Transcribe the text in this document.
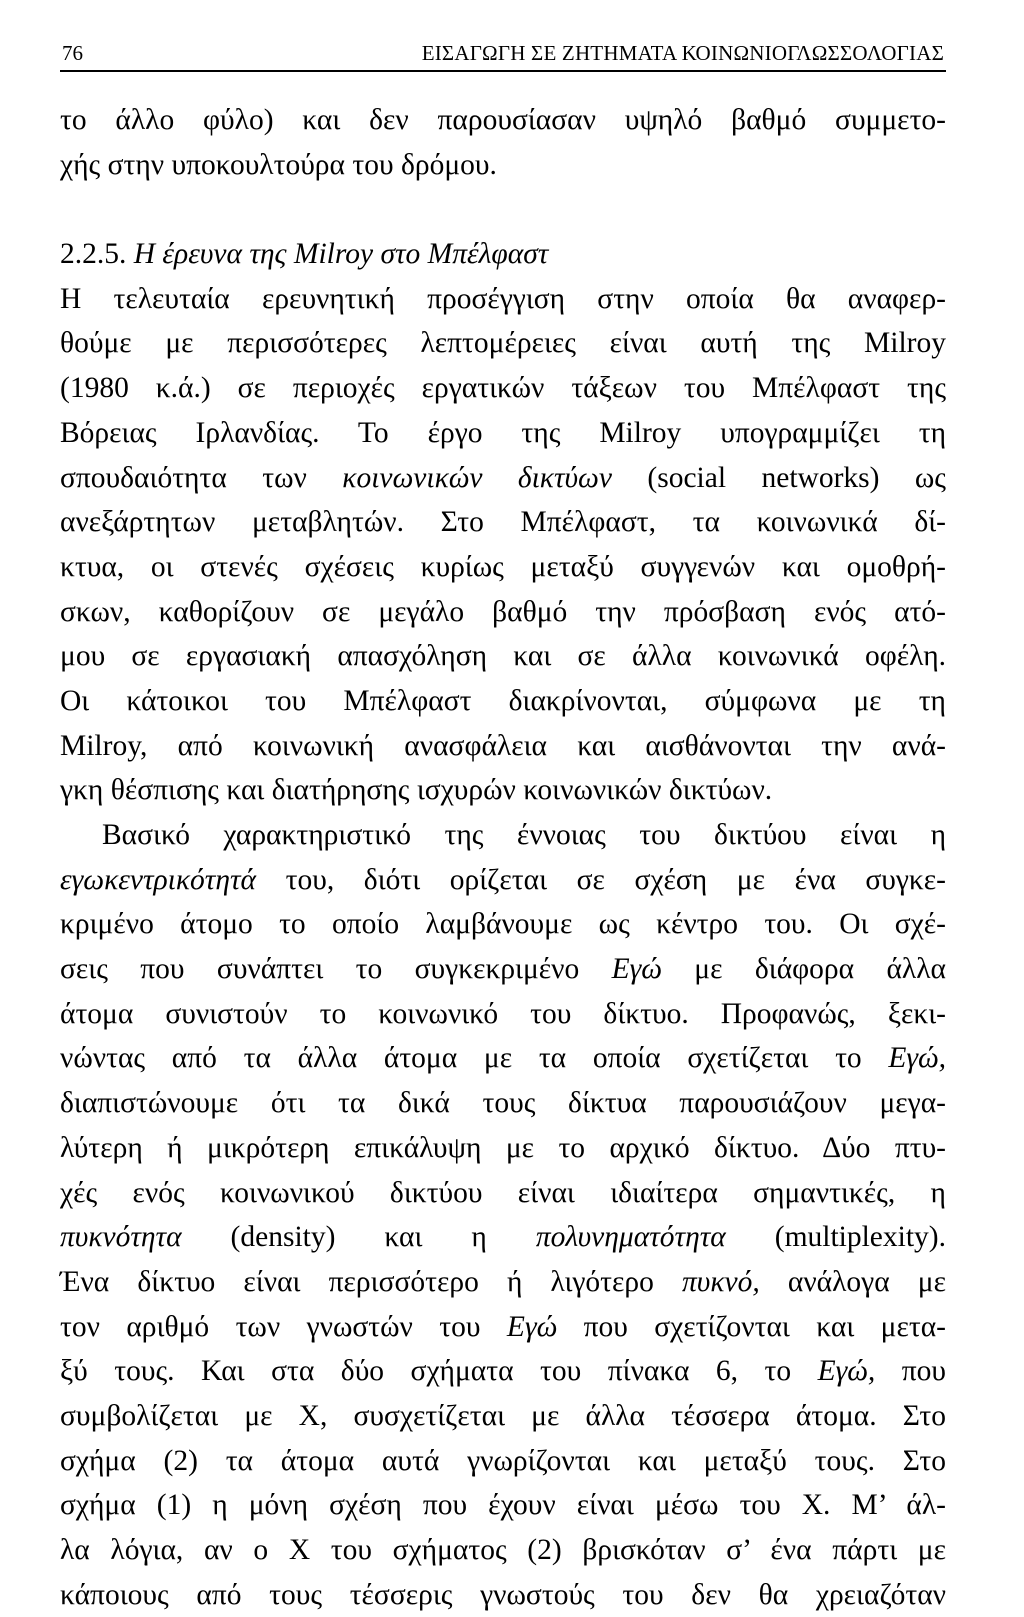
76	ΕΙΣΑΓΩΓΗ ΣΕ ΖΗΤΗΜΑΤΑ ΚΟΙΝΩΝΙΟΓΛΩΣΣΟΛΟΓΙΑΣ
το άλλο φύλο) και δεν παρουσίασαν υψηλό βαθμό συμμετο-
χής στην υποκουλτούρα του δρόμου.
2.2.5. Η έρευνα της Milroy στο Μπέλφαστ
Η τελευταία ερευνητική προσέγγιση στην οποία θα αναφερ-
θούμε με περισσότερες λεπτομέρειες είναι αυτή της Milroy
(1980 κ.ά.) σε περιοχές εργατικών τάξεων του Μπέλφαστ της
Βόρειας Ιρλανδίας. Το έργο της Milroy υπογραμμίζει τη
σπουδαιότητα των κοινωνικών δικτύων (social networks) ως
ανεξάρτητων μεταβλητών. Στο Μπέλφαστ, τα κοινωνικά δί-
κτυα, οι στενές σχέσεις κυρίως μεταξύ συγγενών και ομοθρή-
σκων, καθορίζουν σε μεγάλο βαθμό την πρόσβαση ενός ατό-
μου σε εργασιακή απασχόληση και σε άλλα κοινωνικά οφέλη.
Οι κάτοικοι του Μπέλφαστ διακρίνονται, σύμφωνα με τη
Milroy, από κοινωνική ανασφάλεια και αισθάνονται την ανά-
γκη θέσπισης και διατήρησης ισχυρών κοινωνικών δικτύων.
Βασικό χαρακτηριστικό της έννοιας του δικτύου είναι η
εγωκεντρικότητά του, διότι ορίζεται σε σχέση με ένα συγκε-
κριμένο άτομο το οποίο λαμβάνουμε ως κέντρο του. Οι σχέ-
σεις που συνάπτει το συγκεκριμένο Εγώ με διάφορα άλλα
άτομα συνιστούν το κοινωνικό του δίκτυο. Προφανώς, ξεκι-
νώντας από τα άλλα άτομα με τα οποία σχετίζεται το Εγώ,
διαπιστώνουμε ότι τα δικά τους δίκτυα παρουσιάζουν μεγα-
λύτερη ή μικρότερη επικάλυψη με το αρχικό δίκτυο. Δύο πτυ-
χές ενός κοινωνικού δικτύου είναι ιδιαίτερα σημαντικές, η
πυκνότητα (density) και η πολυνηματότητα (multiplexity).
Ένα δίκτυο είναι περισσότερο ή λιγότερο πυκνό, ανάλογα με
τον αριθμό των γνωστών του Εγώ που σχετίζονται και μετα-
ξύ τους. Και στα δύο σχήματα του πίνακα 6, το Εγώ, που
συμβολίζεται με Χ, συσχετίζεται με άλλα τέσσερα άτομα. Στο
σχήμα (2) τα άτομα αυτά γνωρίζονται και μεταξύ τους. Στο
σχήμα (1) η μόνη σχέση που έχουν είναι μέσω του Χ. Μ’ άλ-
λα λόγια, αν ο Χ του σχήματος (2) βρισκόταν σ’ ένα πάρτι με
κάποιους από τους τέσσερις γνωστούς του δεν θα χρειαζόταν
